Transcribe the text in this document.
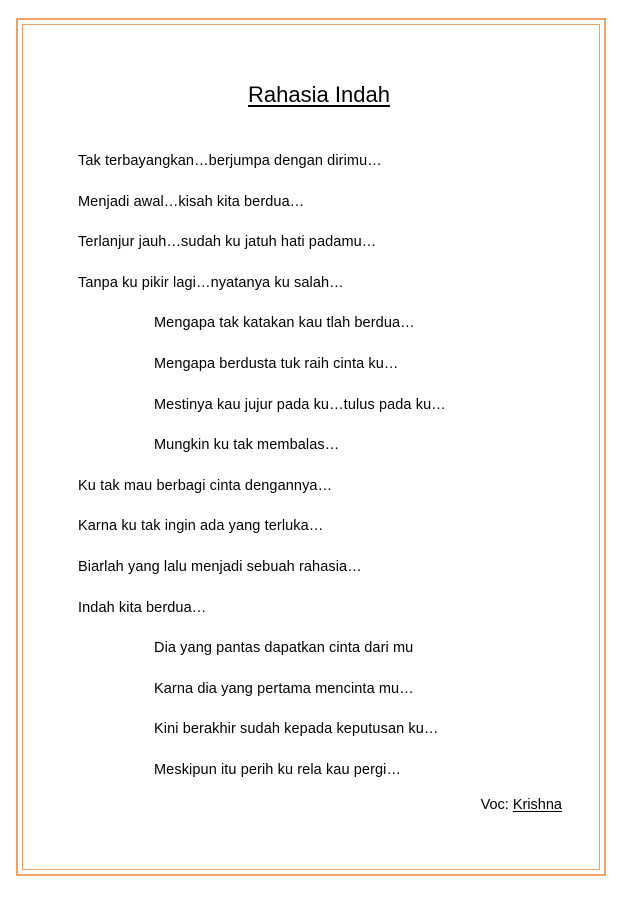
Rahasia Indah
Tak terbayangkan…berjumpa dengan dirimu…
Menjadi awal…kisah kita berdua…
Terlanjur jauh…sudah ku jatuh hati padamu…
Tanpa ku pikir lagi…nyatanya ku salah…
Mengapa tak katakan kau tlah berdua…
Mengapa berdusta tuk raih cinta ku…
Mestinya kau jujur pada ku…tulus pada ku…
Mungkin ku tak membalas…
Ku tak mau berbagi cinta dengannya…
Karna ku tak ingin ada yang terluka…
Biarlah yang lalu menjadi sebuah rahasia…
Indah kita berdua…
Dia yang pantas dapatkan cinta dari mu
Karna dia yang pertama mencinta mu…
Kini berakhir sudah kepada keputusan ku…
Meskipun itu perih ku rela kau pergi…
Voc: Krishna
